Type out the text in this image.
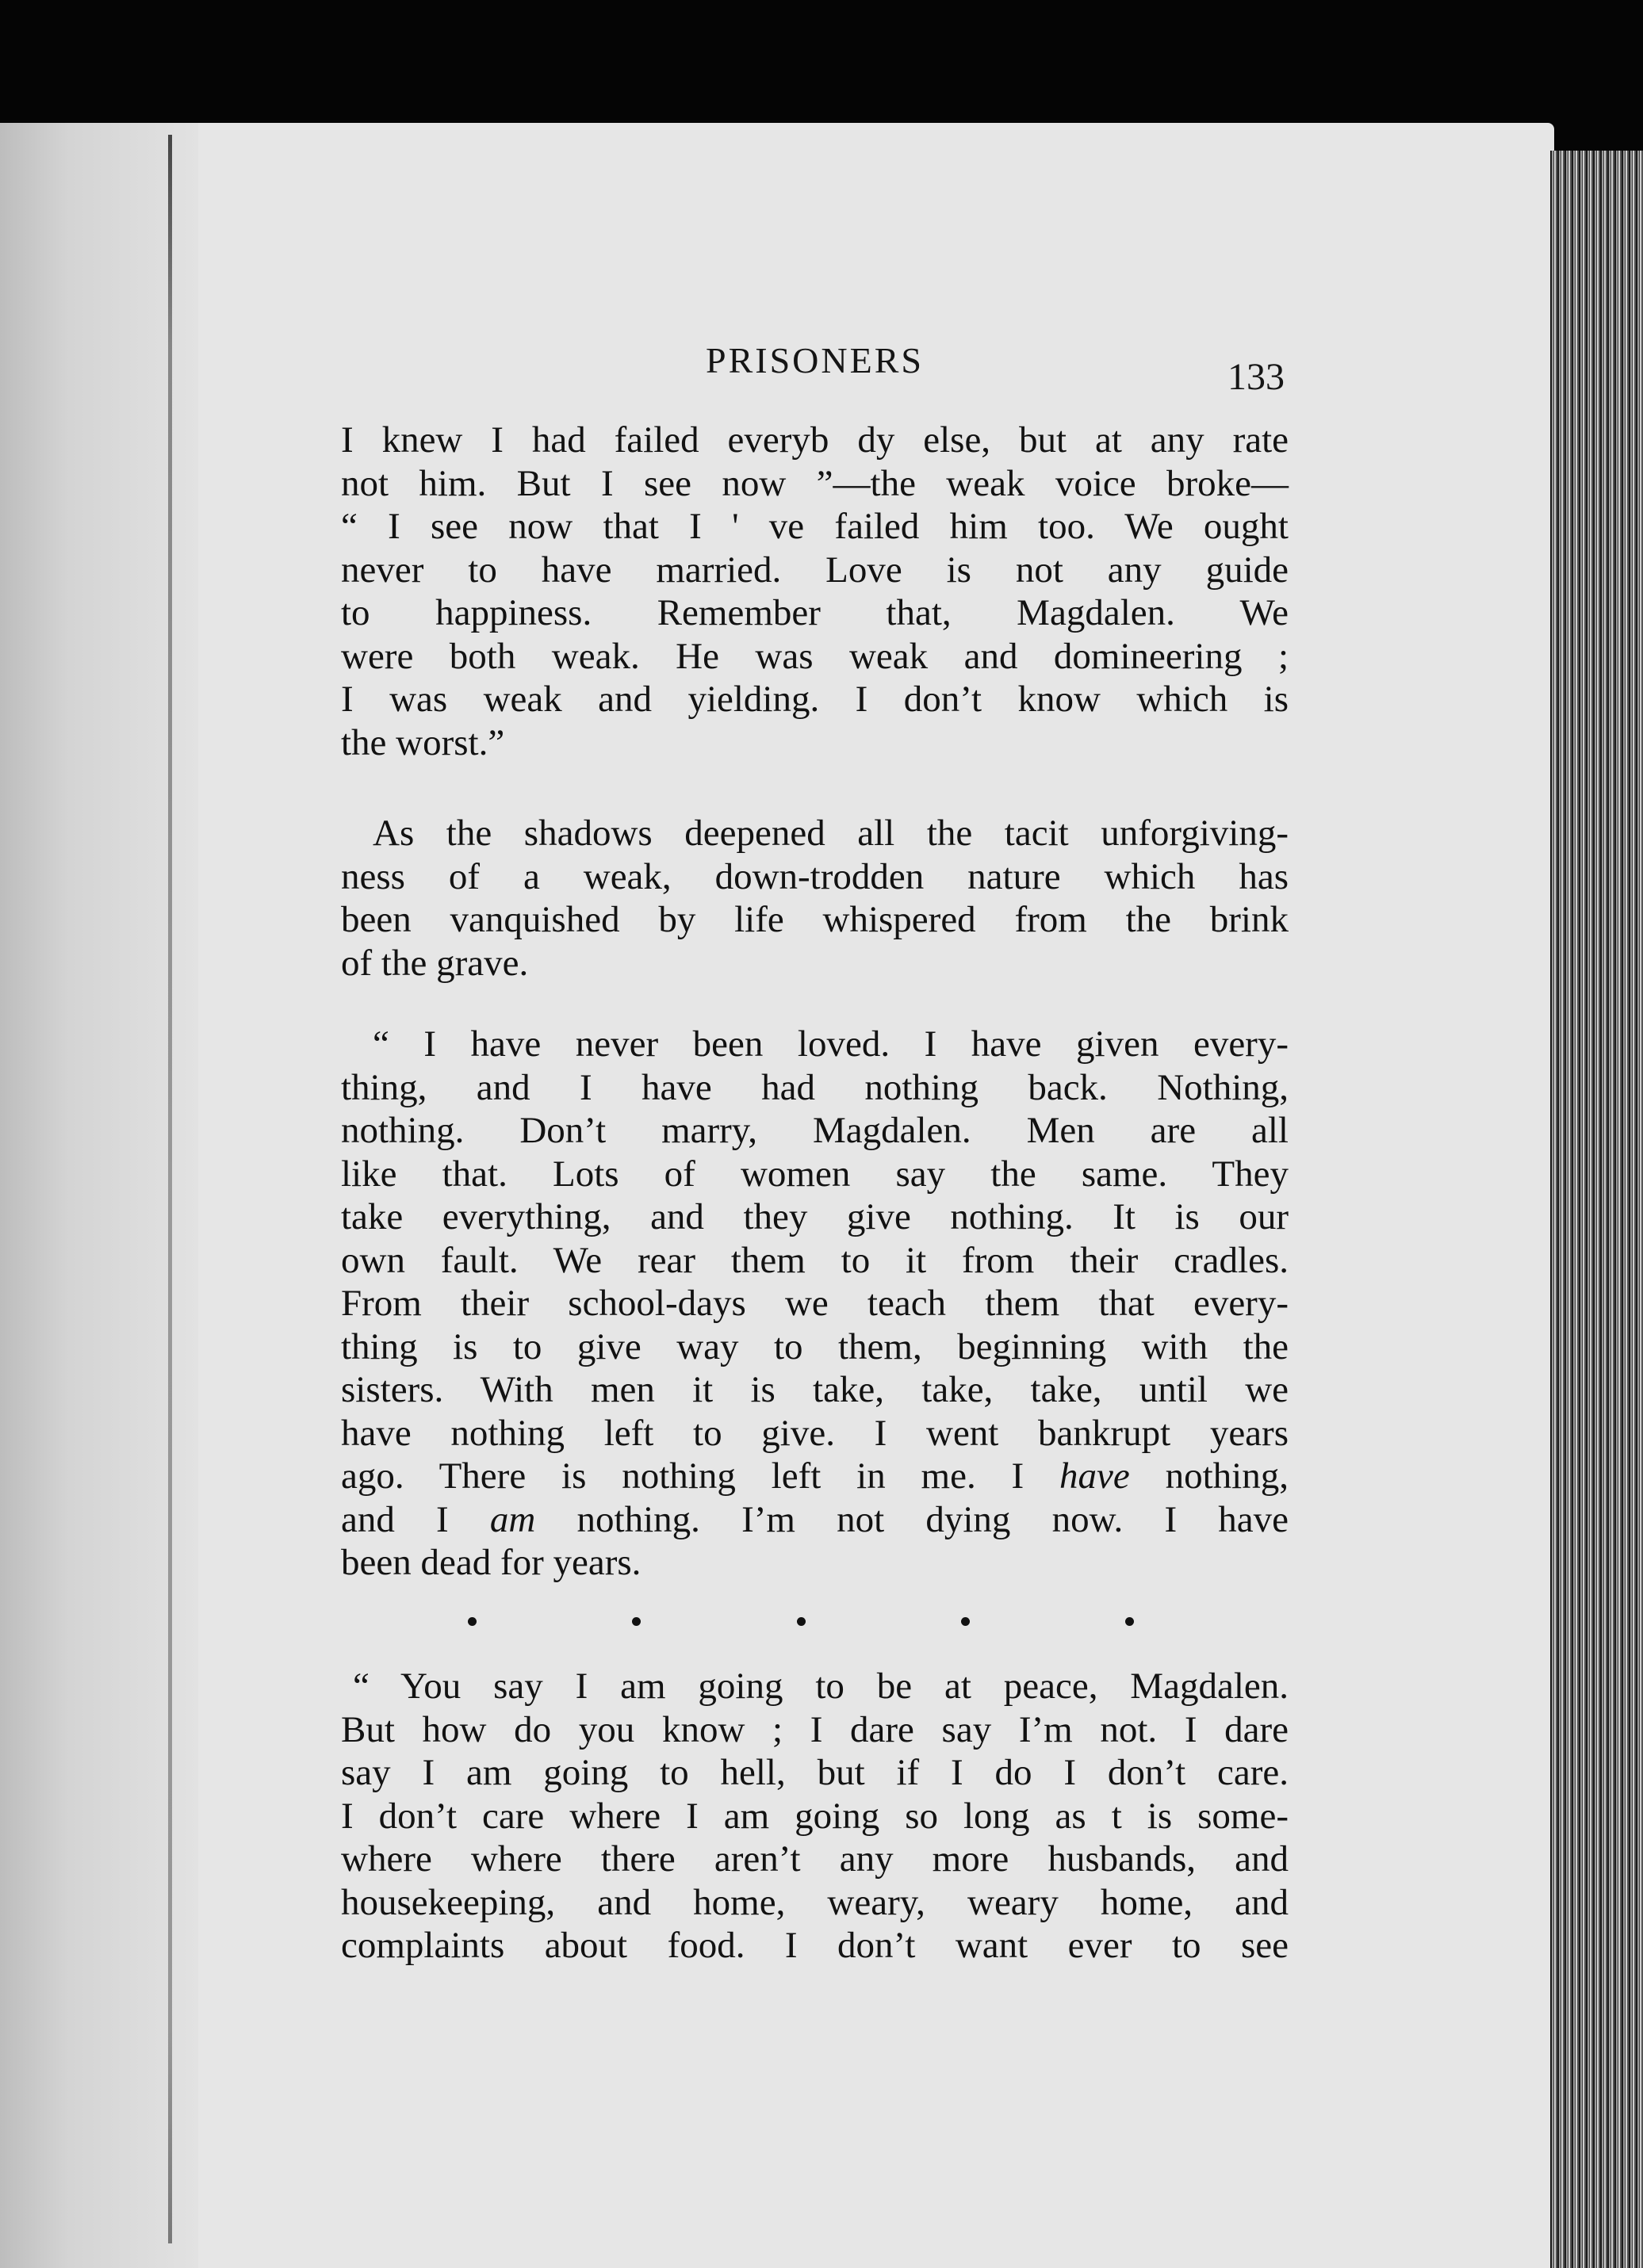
PRISONERS	133
I knew I had failed everyb dy else, but at any rate
not him. But I see now ”—the weak voice broke—
“ I see now that I ' ve failed him too. We ought
never to have married. Love is not any guide
to happiness. Remember that, Magdalen. We
were both weak. He was weak and domineering ;
I was weak and yielding. I don’t know which is
the worst.”
As the shadows deepened all the tacit unforgiving-
ness of a weak, down-trodden nature which has
been vanquished by life whispered from the brink
of the grave.
“ I have never been loved. I have given every-
thing, and I have had nothing back. Nothing,
nothing. Don’t marry, Magdalen. Men are all
like that. Lots of women say the same. They
take everything, and they give nothing. It is our
own fault. We rear them to it from their cradles.
From their school-days we teach them that every-
thing is to give way to them, beginning with the
sisters. With men it is take, take, take, until we
have nothing left to give. I went bankrupt years
ago. There is nothing left in me. I have nothing,
and I am nothing. I’m not dying now. I have
been dead for years.
“ You say I am going to be at peace, Magdalen.
But how do you know ; I dare say I’m not. I dare
say I am going to hell, but if I do I don’t care.
I don’t care where I am going so long as t is some-
where where there aren’t any more husbands, and
housekeeping, and home, weary, weary home, and
complaints about food. I don’t want ever to see
